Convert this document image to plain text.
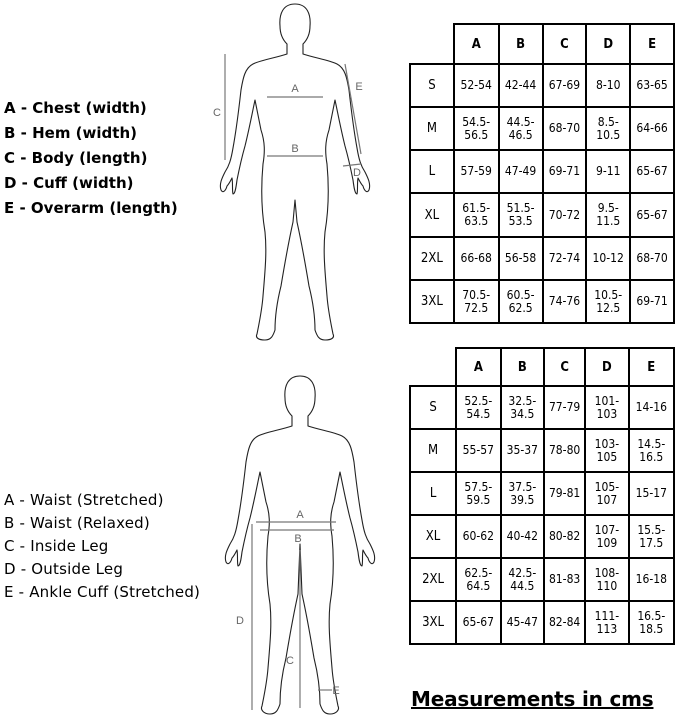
A - Chest (width)
B - Hem (width)
C - Body (length)
D - Cuff (width)
E - Overarm (length)
A
B
C
D
E
	A	B	C	D	E
S	52-54	42-44	67-69	8-10	63-65
M	54.5-56.5	44.5-46.5	68-70	8.5-10.5	64-66
L	57-59	47-49	69-71	9-11	65-67
XL	61.5-63.5	51.5-53.5	70-72	9.5-11.5	65-67
2XL	66-68	56-58	72-74	10-12	68-70
3XL	70.5-72.5	60.5-62.5	74-76	10.5-12.5	69-71
A - Waist (Stretched)
B - Waist (Relaxed)
C - Inside Leg
D - Outside Leg
E - Ankle Cuff (Stretched)
A
B
C
D
E
	A	B	C	D	E
S	52.5-54.5	32.5-34.5	77-79	101-103	14-16
M	55-57	35-37	78-80	103-105	14.5-16.5
L	57.5-59.5	37.5-39.5	79-81	105-107	15-17
XL	60-62	40-42	80-82	107-109	15.5-17.5
2XL	62.5-64.5	42.5-44.5	81-83	108-110	16-18
3XL	65-67	45-47	82-84	111-113	16.5-18.5
Measurements in cms
